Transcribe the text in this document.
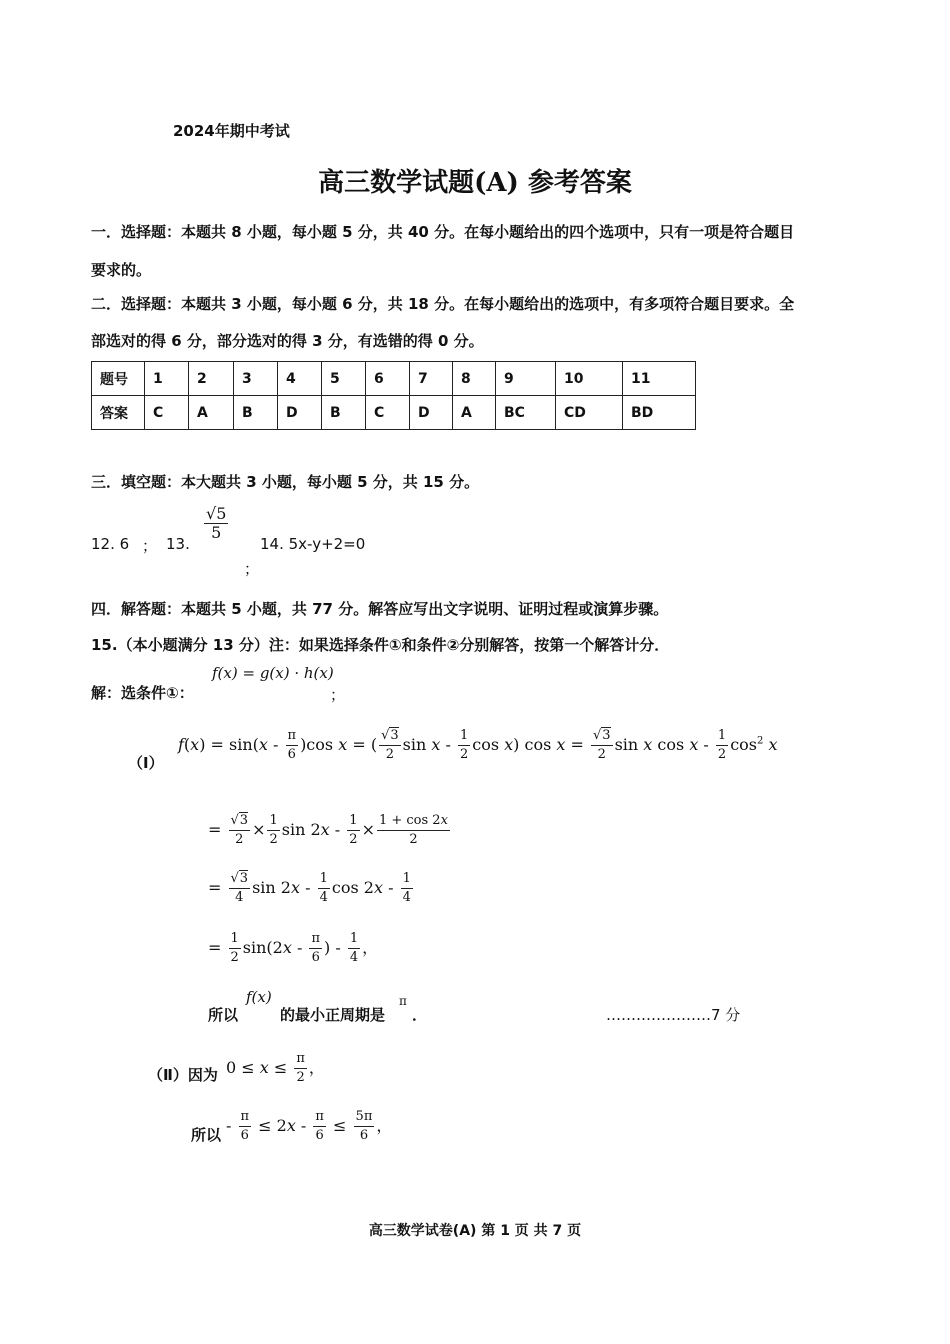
2024年期中考试
高三数学试题(A) 参考答案
一．选择题：本题共 8 小题，每小题 5 分，共 40 分。在每小题给出的四个选项中，只有一项是符合题目
要求的。
二．选择题：本题共 3 小题，每小题 6 分，共 18 分。在每小题给出的选项中，有多项符合题目要求。全
部选对的得 6 分，部分选对的得 3 分，有选错的得 0 分。
题号	1	2	3	4	5	6	7	8	9	10	11
答案	C	A	B	D	B	C	D	A	BC	CD	BD
三．填空题：本大题共 3 小题，每小题 5 分，共 15 分。
12. 6 ； 13.
$\frac{√5}{5}$
14. 5x-y+2=0
；
四．解答题：本题共 5 小题，共 77 分。解答应写出文字说明、证明过程或演算步骤。
15.（本小题满分 13 分）注：如果选择条件①和条件②分别解答，按第一个解答计分．
解：选条件①：
f(x) = g(x) · h(x)
；
（Ⅰ）
$f(x) = \sin(x - \frac{\pi}{6} )\cos$ x = ( $\frac{√3}{2}$ sin x - $\frac{1}{2}$ cos x) $\cos x = \frac{√3}{2}$ sin x cos x - $\frac{1}{2} \cos^2 x$
= $\frac{√3}{2} \times \frac{1}{2}$ $\sin 2x - \frac{1}{2} \times \frac{1 + \cos 2x}{2}$
= $\frac{√3}{4}$ $\sin 2x - \frac{1}{4}$ $\cos 2x - \frac{1}{4}$
= $\frac{1}{2} \sin(2x - \frac{\pi}{6}$ ) - $\frac{1}{4}$ ，
所以
f(x)
的最小正周期是
π
．	…………………7 分
（Ⅱ）因为 $0 \le x \le \frac{\pi}{2}$ ，
所以 - $\frac{\pi}{6} \le 2x - \frac{\pi}{6} \le \frac{5\pi}{6}$ ，
高三数学试卷(A) 第 1 页 共 7 页
